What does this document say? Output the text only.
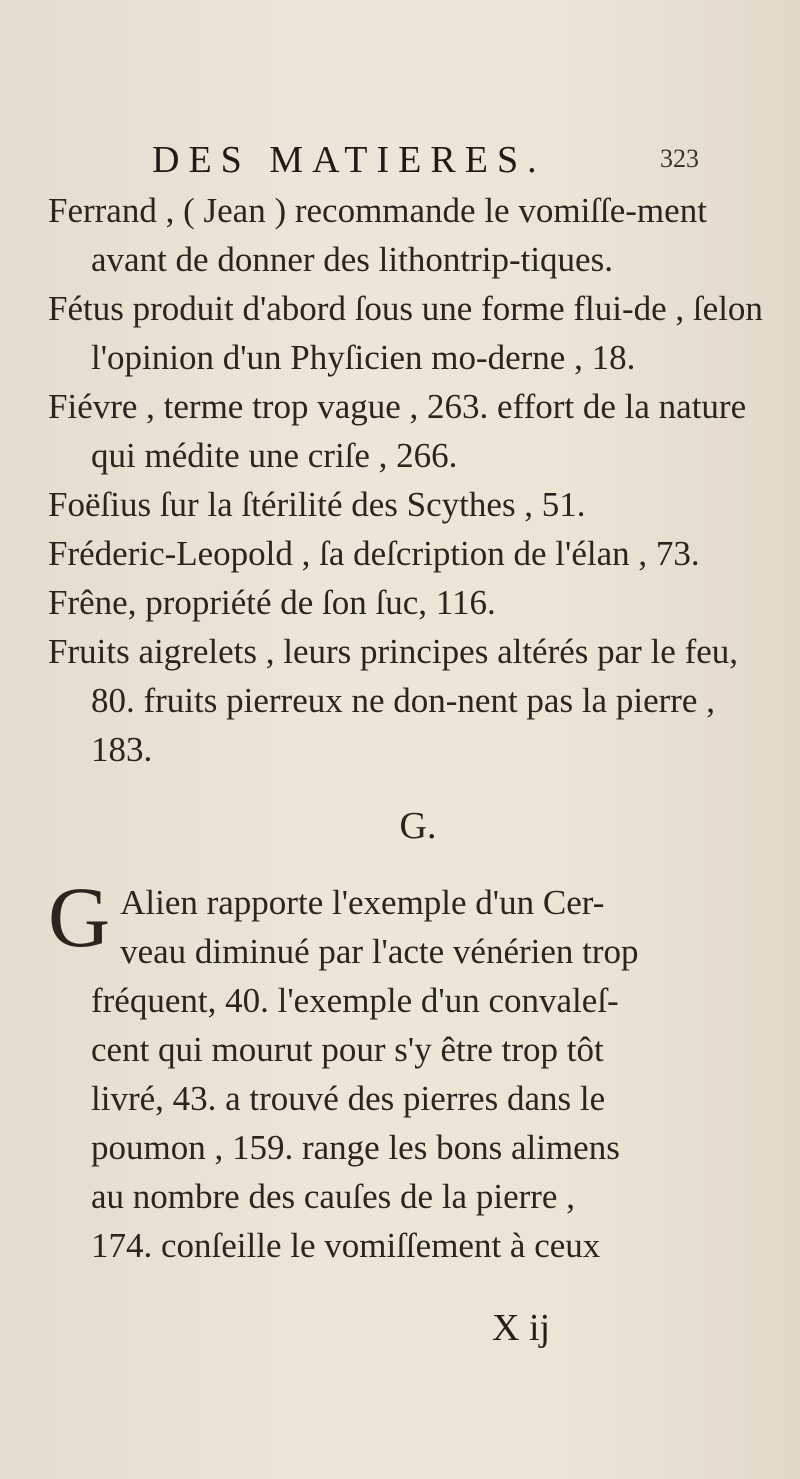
DES MATIERES.	323

Ferrand , ( Jean ) recommande le vomiſſe-ment avant de donner des lithontrip-tiques.

Fétus produit d'abord ſous une forme flui-de , ſelon l'opinion d'un Phyſicien mo-derne , 18.

Fiévre , terme trop vague , 263. effort de la nature qui médite une criſe , 266.

Foëſius ſur la ſtérilité des Scythes , 51.

Fréderic-Leopold , ſa deſcription de l'élan , 73.

Frêne, propriété de ſon ſuc, 116.

Fruits aigrelets , leurs principes altérés par le feu, 80. fruits pierreux ne don-nent pas la pierre , 183.

G.
G Alien rapporte l'exemple d'un Cer-
veau diminué par l'acte vénérien trop
fréquent, 40. l'exemple d'un convaleſ-
cent qui mourut pour s'y être trop tôt
livré, 43. a trouvé des pierres dans le
poumon , 159. range les bons alimens
au nombre des cauſes de la pierre ,
174. conſeille le vomiſſement à ceux
X ij
